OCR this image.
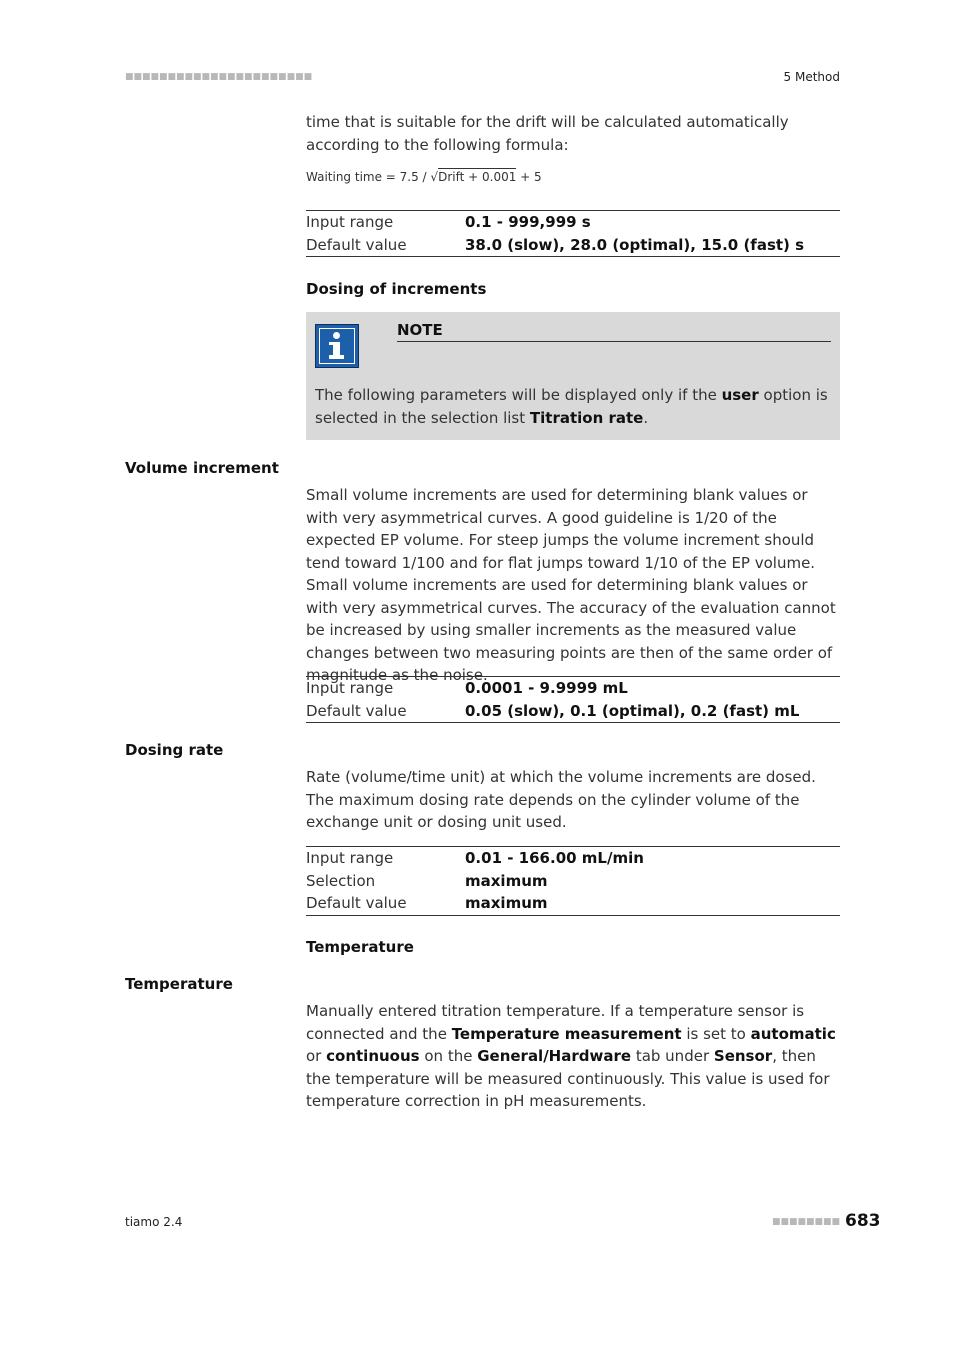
■■■■■■■■■■■■■■■■■■■■■■	5 Method
time that is suitable for the drift will be calculated automatically according to the following formula:
Waiting time = 7.5 / √Drift + 0.001 + 5
Input range	0.1 - 999,999 s
Default value	38.0 (slow), 28.0 (optimal), 15.0 (fast) s
Dosing of increments
NOTE
The following parameters will be displayed only if the user option is selected in the selection list Titration rate.
Volume increment
Small volume increments are used for determining blank values or with very asymmetrical curves. A good guideline is 1/20 of the expected EP volume. For steep jumps the volume increment should tend toward 1/100 and for flat jumps toward 1/10 of the EP volume. Small volume increments are used for determining blank values or with very asymmetrical curves. The accuracy of the evaluation cannot be increased by using smaller increments as the measured value changes between two measuring points are then of the same order of magnitude as the noise.
Input range	0.0001 - 9.9999 mL
Default value	0.05 (slow), 0.1 (optimal), 0.2 (fast) mL
Dosing rate
Rate (volume/time unit) at which the volume increments are dosed. The maximum dosing rate depends on the cylinder volume of the exchange unit or dosing unit used.
Input range	0.01 - 166.00 mL/min
Selection	maximum
Default value	maximum
Temperature
Temperature
Manually entered titration temperature. If a temperature sensor is connected and the Temperature measurement is set to automatic or continuous on the General/Hardware tab under Sensor, then the temperature will be measured continuously. This value is used for temperature correction in pH measurements.
tiamo 2.4	■■■■■■■■ 683
